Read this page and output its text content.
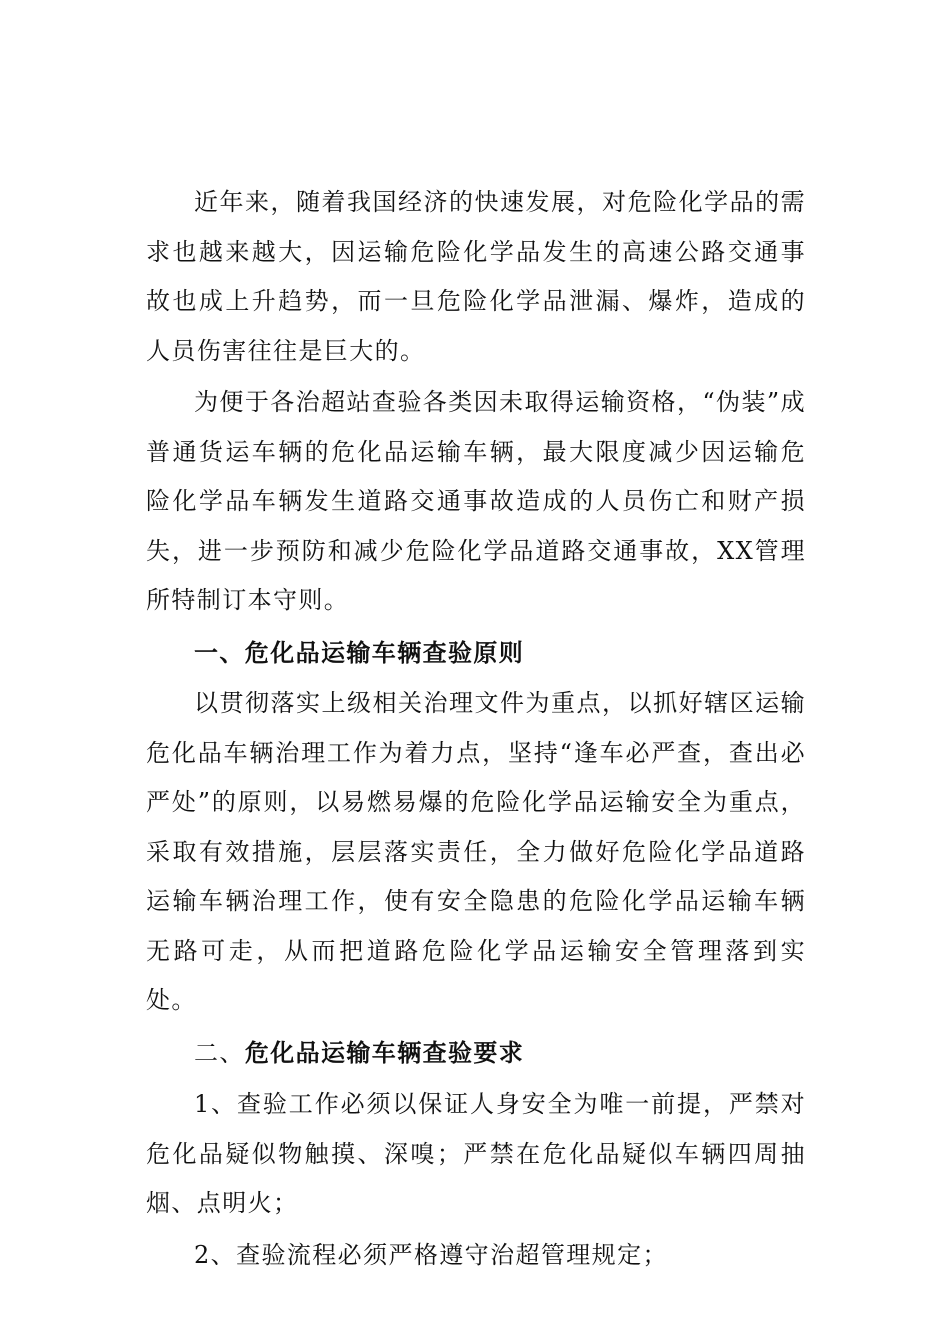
近年来，随着我国经济的快速发展，对危险化学品的需求也越来越大，因运输危险化学品发生的高速公路交通事故也成上升趋势，而一旦危险化学品泄漏、爆炸，造成的人员伤害往往是巨大的。

为便于各治超站查验各类因未取得运输资格，“伪装”成普通货运车辆的危化品运输车辆，最大限度减少因运输危险化学品车辆发生道路交通事故造成的人员伤亡和财产损失，进一步预防和减少危险化学品道路交通事故，XX管理所特制订本守则。

一、危化品运输车辆查验原则

以贯彻落实上级相关治理文件为重点，以抓好辖区运输危化品车辆治理工作为着力点，坚持“逢车必严查，查出必严处”的原则，以易燃易爆的危险化学品运输安全为重点，采取有效措施，层层落实责任，全力做好危险化学品道路运输车辆治理工作，使有安全隐患的危险化学品运输车辆无路可走，从而把道路危险化学品运输安全管理落到实处。

二、危化品运输车辆查验要求

1、查验工作必须以保证人身安全为唯一前提，严禁对危化品疑似物触摸、深嗅；严禁在危化品疑似车辆四周抽烟、点明火；

2、查验流程必须严格遵守治超管理规定；
